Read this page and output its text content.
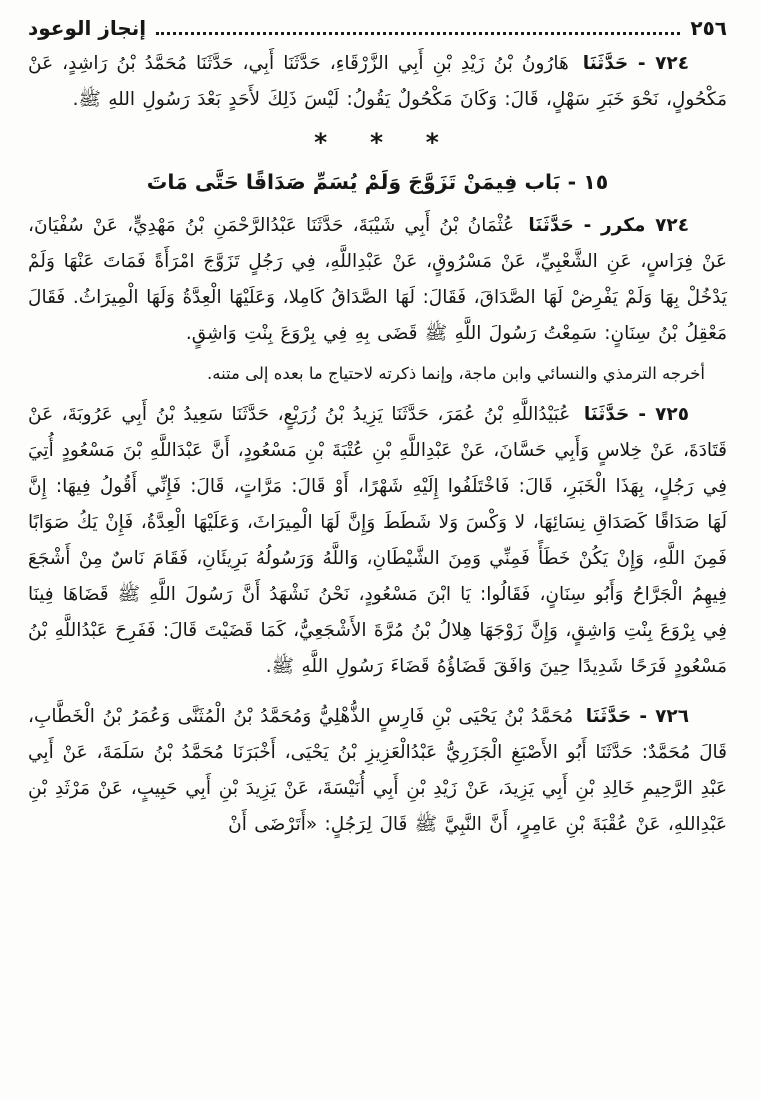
٢٥٦
إنجاز الوعود

٧٢٤ - حَدَّثَنَا هَارُونُ بْنُ زَيْدِ بْنِ أَبِي الزَّرْقَاءِ، حَدَّثَنَا أَبِي، حَدَّثَنَا مُحَمَّدُ بْنُ رَاشِدٍ، عَنْ مَكْحُولٍ، نَحْوَ خَبَرِ سَهْلٍ، قَالَ: وَكَانَ مَكْحُولٌ يَقُولُ: لَيْسَ ذَلِكَ لأَحَدٍ بَعْدَ رَسُولِ اللهِ ﷺ.

* * *
١٥ - بَاب فِيمَنْ تَزَوَّجَ وَلَمْ يُسَمِّ صَدَاقًا حَتَّى مَاتَ

٧٢٤ مكرر - حَدَّثَنَا عُثْمَانُ بْنُ أَبِي شَيْبَةَ، حَدَّثَنَا عَبْدُالرَّحْمَنِ بْنُ مَهْدِيٍّ، عَنْ سُفْيَانَ، عَنْ فِرَاسٍ، عَنِ الشَّعْبِيِّ، عَنْ مَسْرُوقٍ، عَنْ عَبْدِاللَّهِ، فِي رَجُلٍ تَزَوَّجَ امْرَأَةً فَمَاتَ عَنْهَا وَلَمْ يَدْخُلْ بِهَا وَلَمْ يَفْرِضْ لَهَا الصَّدَاقَ، فَقَالَ: لَهَا الصَّدَاقُ كَامِلا، وَعَلَيْهَا الْعِدَّةُ وَلَهَا الْمِيرَاثُ. فَقَالَ مَعْقِلُ بْنُ سِنَانٍ: سَمِعْتُ رَسُولَ اللَّهِ ﷺ قَضَى بِهِ فِي بِرْوَعَ بِنْتِ وَاشِقٍ.

أخرجه الترمذي والنسائي وابن ماجة، وإنما ذكرته لاحتياج ما بعده إلى متنه.

٧٢٥ - حَدَّثَنَا عُبَيْدُاللَّهِ بْنُ عُمَرَ، حَدَّثَنَا يَزِيدُ بْنُ زُرَيْعٍ، حَدَّثَنَا سَعِيدُ بْنُ أَبِي عَرُوبَةَ، عَنْ قَتَادَةَ، عَنْ خِلاسٍ وَأَبِي حَسَّانَ، عَنْ عَبْدِاللَّهِ بْنِ عُتْبَةَ بْنِ مَسْعُودٍ، أَنَّ عَبْدَاللَّهِ بْنَ مَسْعُودٍ أُتِيَ فِي رَجُلٍ، بِهَذَا الْخَبَرِ، قَالَ: فَاخْتَلَفُوا إِلَيْهِ شَهْرًا، أَوْ قَالَ: مَرَّاتٍ، قَالَ: فَإِنِّي أَقُولُ فِيهَا: إِنَّ لَهَا صَدَاقًا كَصَدَاقِ نِسَائِهَا، لا وَكْسَ وَلا شَطَطَ وَإِنَّ لَهَا الْمِيرَاثَ، وَعَلَيْهَا الْعِدَّةُ، فَإِنْ يَكُ صَوَابًا فَمِنَ اللَّهِ، وَإِنْ يَكُنْ خَطَأً فَمِنِّي وَمِنَ الشَّيْطَانِ، وَاللَّهُ وَرَسُولُهُ بَرِيئَانِ، فَقَامَ نَاسٌ مِنْ أَشْجَعَ فِيهِمُ الْجَرَّاحُ وَأَبُو سِنَانٍ، فَقَالُوا: يَا ابْنَ مَسْعُودٍ، نَحْنُ نَشْهَدُ أَنَّ رَسُولَ اللَّهِ ﷺ قَضَاهَا فِينَا فِي بِرْوَعَ بِنْتِ وَاشِقٍ، وَإِنَّ زَوْجَهَا هِلالُ بْنُ مُرَّةَ الأَشْجَعِيُّ، كَمَا قَضَيْتَ قَالَ: فَفَرِحَ عَبْدُاللَّهِ بْنُ مَسْعُودٍ فَرَحًا شَدِيدًا حِينَ وَافَقَ قَضَاؤُهُ قَضَاءَ رَسُولِ اللَّهِ ﷺ.

٧٢٦ - حَدَّثَنَا مُحَمَّدُ بْنُ يَحْيَى بْنِ فَارِسٍ الذُّهْلِيُّ وَمُحَمَّدُ بْنُ الْمُثَنَّى وَعُمَرُ بْنُ الْخَطَّابِ، قَالَ مُحَمَّدٌ: حَدَّثَنَا أَبُو الأَصْبَغِ الْجَزَرِيُّ عَبْدُالْعَزِيزِ بْنُ يَحْيَى، أَخْبَرَنَا مُحَمَّدُ بْنُ سَلَمَةَ، عَنْ أَبِي عَبْدِ الرَّحِيمِ خَالِدِ بْنِ أَبِي يَزِيدَ، عَنْ زَيْدِ بْنِ أَبِي أُنَيْسَةَ، عَنْ يَزِيدَ بْنِ أَبِي حَبِيبٍ، عَنْ مَرْثَدِ بْنِ عَبْدِاللهِ، عَنْ عُقْبَةَ بْنِ عَامِرٍ، أَنَّ النَّبِيَّ ﷺ قَالَ لِرَجُلٍ: «أَتَرْضَى أَنْ
